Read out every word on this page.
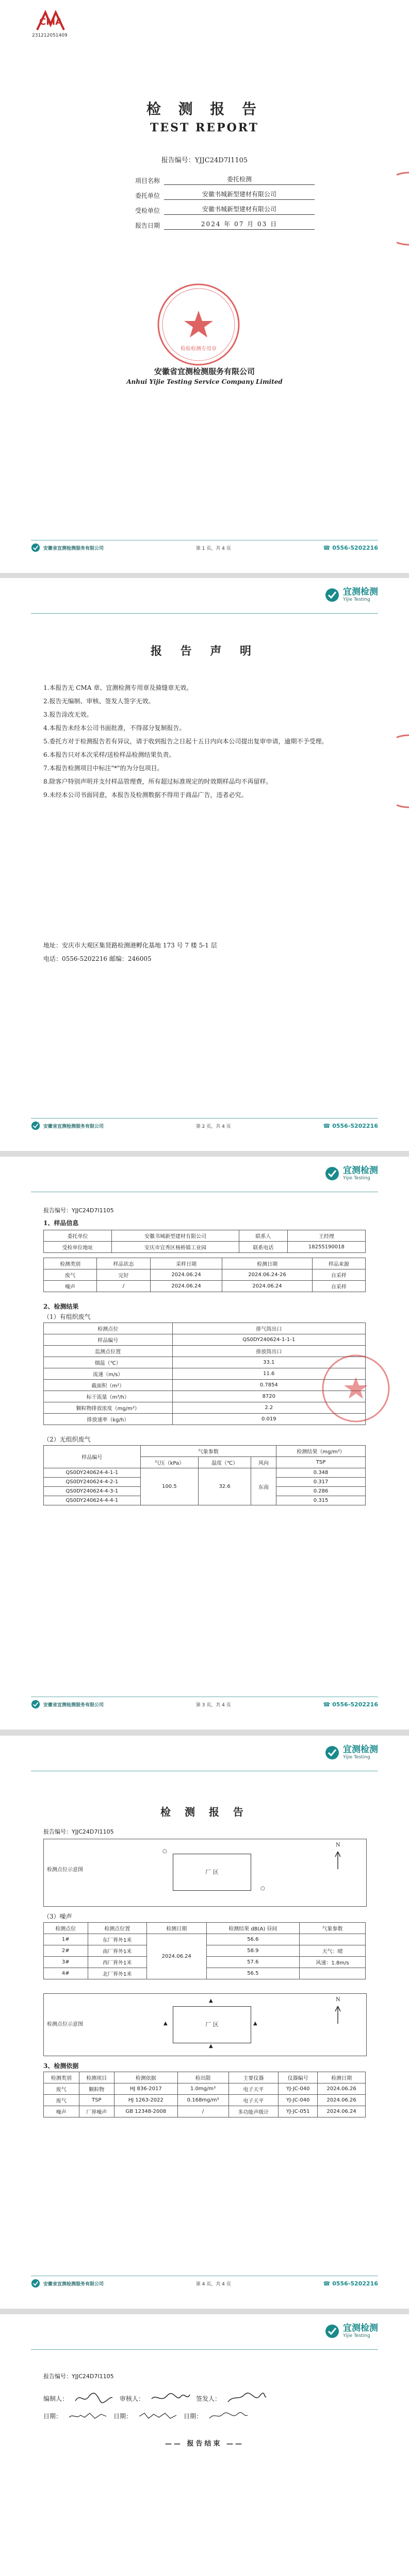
CMA
231212051409
检 测 报 告
TEST REPORT
报告编号：YJJC24D7I1105
项目名称	委托检测
委托单位	安徽书城新型建材有限公司
受检单位	安徽书城新型建材有限公司
报告日期	2024 年 07 月 03 日
检验检测专用章
安徽省宜测检测服务有限公司
Anhui Yijie Testing Service Company Limited
安徽省宜测检测服务有限公司	第 1 页，共 4 页	☎ 0556-5202216
宜测检测
Yijie Testing
报 告 声 明
1.本报告无 CMA 章、宜测检测专用章及骑缝章无效。
2.报告无编制、审核、签发人签字无效。
3.报告涂改无效。
4.本报告未经本公司书面批准，不得部分复制报告。
5.委托方对于检测报告若有异议，请于收到报告之日起十五日内向本公司提出复审申请，逾期不予受理。
6.本报告只对本次采样/送检样品检测结果负责。
7.本报告检测项目中标注"*"的为分包项目。
8.除客户特别声明并支付样品管理费，所有超过标准规定的时效期样品均不再留样。
9.未经本公司书面同意，本报告及检测数据不得用于商品广告，违者必究。
地址：安庆市大观区集贤路检测港孵化基地 173 号 7 楼 5-1 层
电话：0556-5202216 邮编：246005
安徽省宜测检测服务有限公司	第 2 页，共 4 页	☎ 0556-5202216
宜测检测
Yijie Testing
报告编号：YJJC24D7I1105
1、样品信息
委托单位	安徽书城新型建材有限公司	联系人	王经理
受检单位地址	安庆市宜秀区杨桥镇工业园	联系电话	18255190018
检测类别	样品状态	采样日期	检测日期	样品来源
废气	完好	2024.06.24	2024.06.24-26	自采样
噪声	/	2024.06.24	2024.06.24	自采样
2、检测结果
（1）有组织废气
检测点位	排气筒出口
样品编号	QS0DY240624-1-1-1
监测点位置	排放筒出口
烟温（℃）	33.1
流速（m/s）	11.6
截面积（m²）	0.7854
标干流量（m³/h）	8720
颗粒物排放浓度（mg/m³）	2.2
排放速率（kg/h）	0.019
（2）无组织废气
样品编号	气象参数			检测结果（mg/m³）
	气压（kPa）	温度（℃）	风向	TSP
QS0DY240624-4-1-1	100.5	32.6	东南	0.348
QS0DY240624-4-2-1				0.317
QS0DY240624-4-3-1				0.286
QS0DY240624-4-4-1				0.315
安徽省宜测检测服务有限公司	第 3 页，共 4 页	☎ 0556-5202216
宜测检测
Yijie Testing
检 测 报 告
报告编号：YJJC24D7I1105
检测点位示意图	厂 区
○
○
N
（3）噪声
检测点位	检测点位置	检测日期	检测结果 dB(A) 昼间	气象参数
1#	东厂界外1米	2024.06.24	56.6	
2#	南厂界外1米		58.9	天气：晴
3#	西厂界外1米		57.6	风速：1.8m/s
4#	北厂界外1米		56.5	
检测点位示意图	厂 区
▲	▲
▲
▲
N
3、检测依据
检测类别	检测项目	检测依据	检出限	主要仪器	仪器编号	检测日期
废气	颗粒物	HJ 836-2017	1.0mg/m³	电子天平	YJ-JC-040	2024.06.26
废气	TSP	HJ 1263-2022	0.168mg/m³	电子天平	YJ-JC-040	2024.06.26
噪声	厂界噪声	GB 12348-2008	/	多功能声级计	YJ-JC-051	2024.06.24
安徽省宜测检测服务有限公司	第 4 页，共 4 页	☎ 0556-5202216
宜测检测
Yijie Testing
报告编号：YJJC24D7I1105
编制人：	审核人：	签发人：
日期：	日期：	日期：
—— 报告结束 ——
